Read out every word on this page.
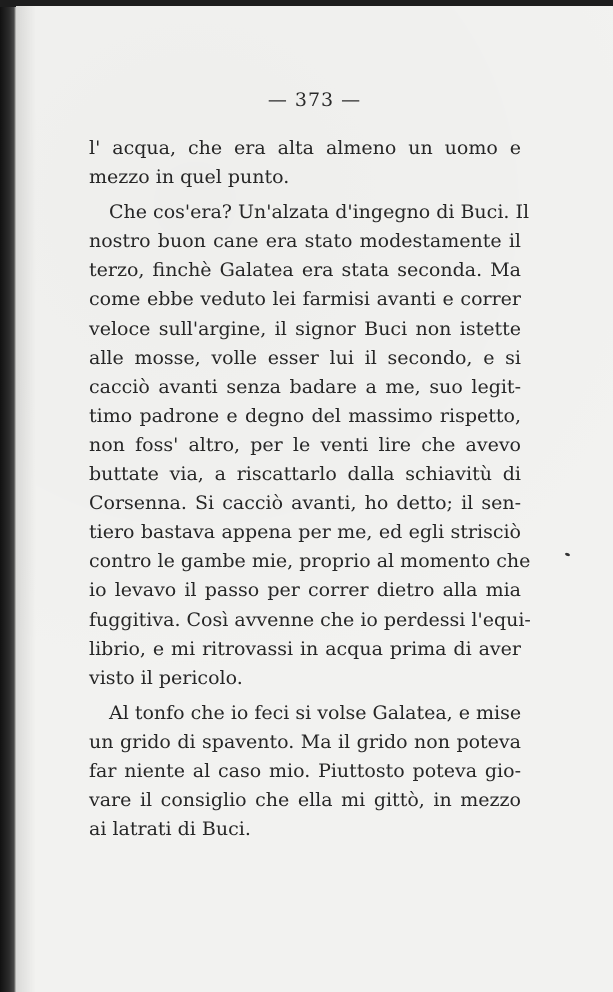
— 373 —
l' acqua, che era alta almeno un uomo e
mezzo in quel punto.
Che cos'era? Un'alzata d'ingegno di Buci. Il
nostro buon cane era stato modestamente il
terzo, finchè Galatea era stata seconda. Ma
come ebbe veduto lei farmisi avanti e correr
veloce sull'argine, il signor Buci non istette
alle mosse, volle esser lui il secondo, e si
cacciò avanti senza badare a me, suo legit-
timo padrone e degno del massimo rispetto,
non foss' altro, per le venti lire che avevo
buttate via, a riscattarlo dalla schiavitù di
Corsenna. Si cacciò avanti, ho detto; il sen-
tiero bastava appena per me, ed egli strisciò
contro le gambe mie, proprio al momento che
io levavo il passo per correr dietro alla mia
fuggitiva. Così avvenne che io perdessi l'equi-
librio, e mi ritrovassi in acqua prima di aver
visto il pericolo.
Al tonfo che io feci si volse Galatea, e mise
un grido di spavento. Ma il grido non poteva
far niente al caso mio. Piuttosto poteva gio-
vare il consiglio che ella mi gittò, in mezzo
ai latrati di Buci.
